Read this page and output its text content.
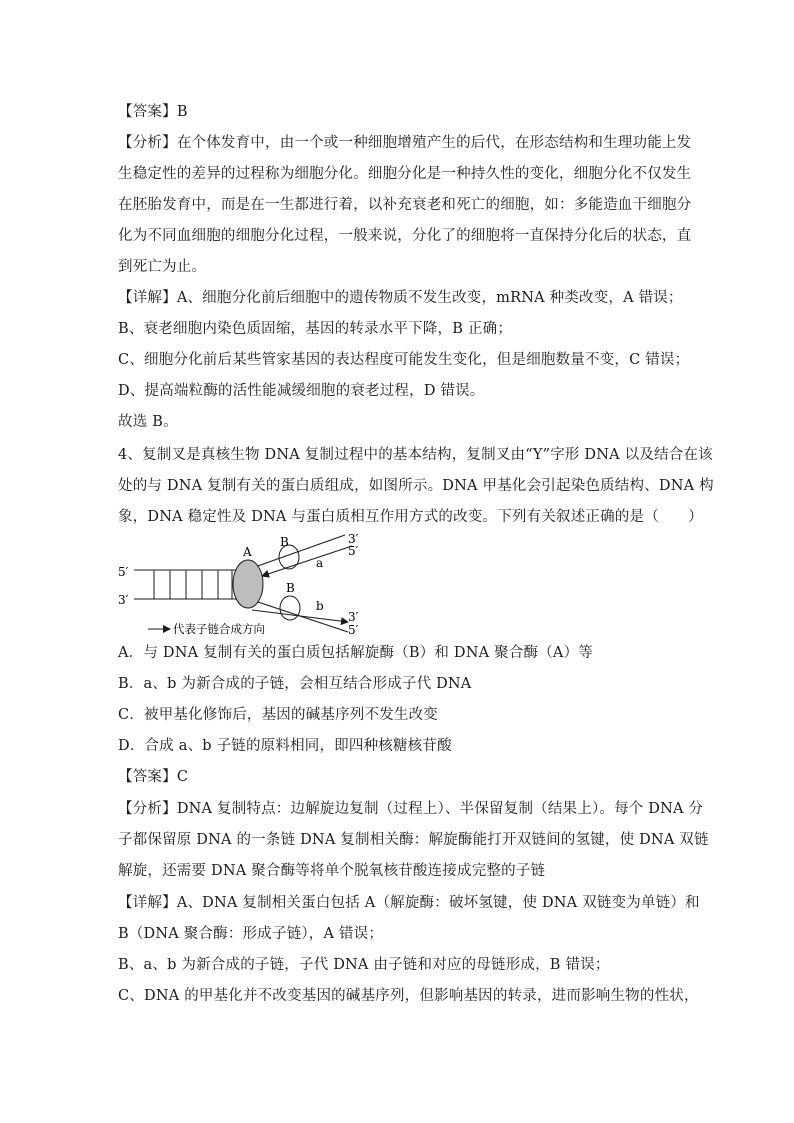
【答案】B
【分析】在个体发育中，由一个或一种细胞增殖产生的后代，在形态结构和生理功能上发
生稳定性的差异的过程称为细胞分化。细胞分化是一种持久性的变化，细胞分化不仅发生
在胚胎发育中，而是在一生都进行着，以补充衰老和死亡的细胞，如：多能造血干细胞分
化为不同血细胞的细胞分化过程，一般来说，分化了的细胞将一直保持分化后的状态，直
到死亡为止。
【详解】A、细胞分化前后细胞中的遗传物质不发生改变，mRNA 种类改变，A 错误；
B、衰老细胞内染色质固缩，基因的转录水平下降，B 正确；
C、细胞分化前后某些管家基因的表达程度可能发生变化，但是细胞数量不变，C 错误；
D、提高端粒酶的活性能减缓细胞的衰老过程，D 错误。
故选 B。
4、复制叉是真核生物 DNA 复制过程中的基本结构，复制叉由“Y”字形 DNA 以及结合在该
处的与 DNA 复制有关的蛋白质组成，如图所示。DNA 甲基化会引起染色质结构、DNA 构
象，DNA 稳定性及 DNA 与蛋白质相互作用方式的改变。下列有关叙述正确的是（　　）
5′
3′
A
B
B
a
b
3′
5′
3′
5′
代表子链合成方向
A．与 DNA 复制有关的蛋白质包括解旋酶（B）和 DNA 聚合酶（A）等
B．a、b 为新合成的子链，会相互结合形成子代 DNA
C．被甲基化修饰后，基因的碱基序列不发生改变
D．合成 a、b 子链的原料相同，即四种核糖核苷酸
【答案】C
【分析】DNA 复制特点：边解旋边复制（过程上）、半保留复制（结果上）。每个 DNA 分
子都保留原 DNA 的一条链 DNA 复制相关酶：解旋酶能打开双链间的氢键，使 DNA 双链
解旋，还需要 DNA 聚合酶等将单个脱氧核苷酸连接成完整的子链
【详解】A、DNA 复制相关蛋白包括 A（解旋酶：破坏氢键，使 DNA 双链变为单链）和
B（DNA 聚合酶：形成子链），A 错误；
B、a、b 为新合成的子链，子代 DNA 由子链和对应的母链形成，B 错误；
C、DNA 的甲基化并不改变基因的碱基序列，但影响基因的转录，进而影响生物的性状，
